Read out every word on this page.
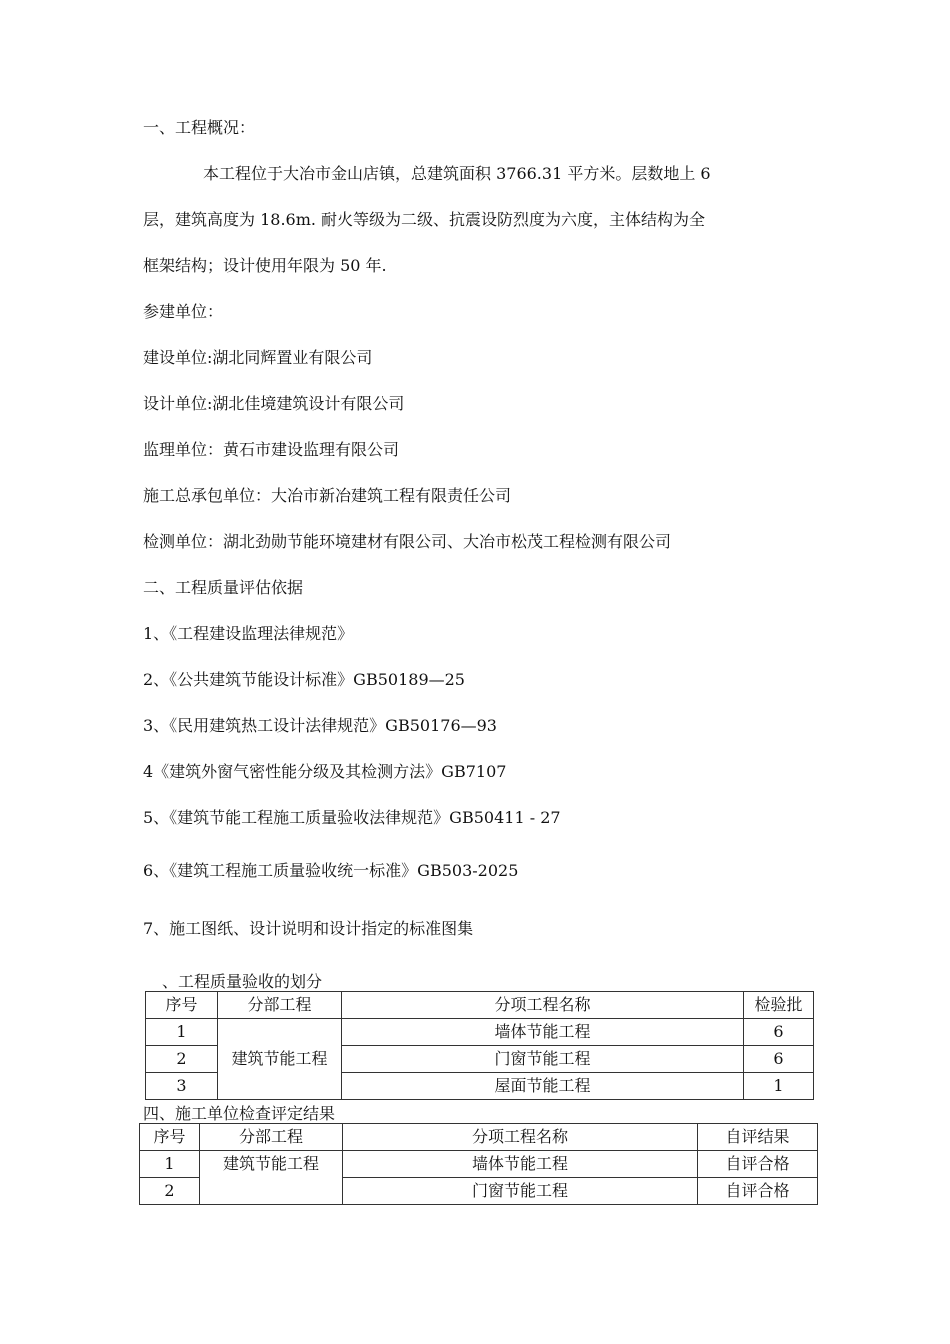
一、工程概况：
本工程位于大冶市金山店镇，总建筑面积 3766.31 平方米。层数地上 6
层，建筑高度为 18.6m. 耐火等级为二级、抗震设防烈度为六度，主体结构为全
框架结构；设计使用年限为 50 年.
参建单位：
建设单位:湖北同辉置业有限公司
设计单位:湖北佳境建筑设计有限公司
监理单位：黄石市建设监理有限公司
施工总承包单位：大冶市新冶建筑工程有限责任公司
检测单位：湖北劲勋节能环境建材有限公司、大冶市松茂工程检测有限公司
二、工程质量评估依据
1、《工程建设监理法律规范》
2、《公共建筑节能设计标准》GB50189—25
3、《民用建筑热工设计法律规范》GB50176—93
4《建筑外窗气密性能分级及其检测方法》GB7107
5、《建筑节能工程施工质量验收法律规范》GB50411 - 27
6、《建筑工程施工质量验收统一标准》GB503-2025
7、施工图纸、设计说明和设计指定的标准图集
、工程质量验收的划分
序号	分部工程	分项工程名称	检验批
1	建筑节能工程	墙体节能工程	6
2		门窗节能工程	6
3		屋面节能工程	1
四、施工单位检查评定结果
序号	分部工程	分项工程名称	自评结果
1	建筑节能工程	墙体节能工程	自评合格
2		门窗节能工程	自评合格
